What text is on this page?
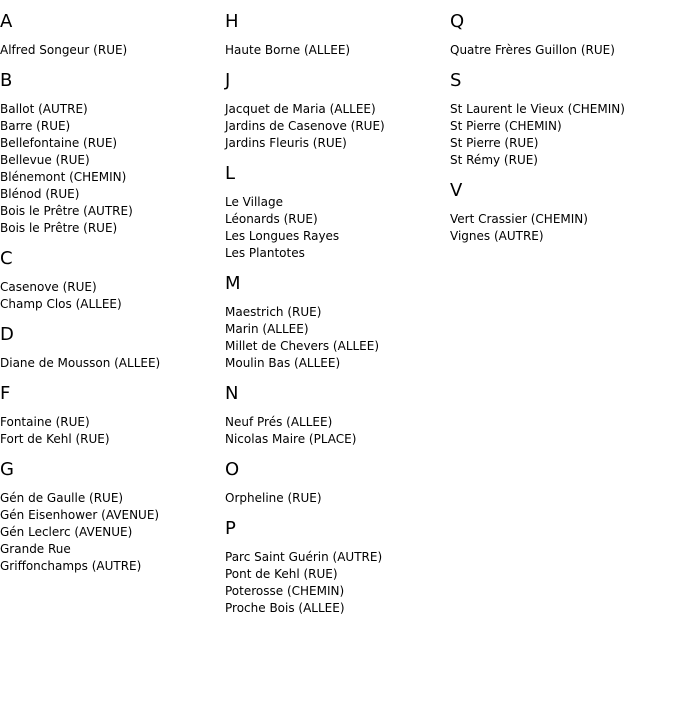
A
Alfred Songeur (RUE)
B
Ballot (AUTRE)
Barre (RUE)
Bellefontaine (RUE)
Bellevue (RUE)
Blénemont (CHEMIN)
Blénod (RUE)
Bois le Prêtre (AUTRE)
Bois le Prêtre (RUE)
C
Casenove (RUE)
Champ Clos (ALLEE)
D
Diane de Mousson (ALLEE)
F
Fontaine (RUE)
Fort de Kehl (RUE)
G
Gén de Gaulle (RUE)
Gén Eisenhower (AVENUE)
Gén Leclerc (AVENUE)
Grande Rue
Griffonchamps (AUTRE)
H
Haute Borne (ALLEE)
J
Jacquet de Maria (ALLEE)
Jardins de Casenove (RUE)
Jardins Fleuris (RUE)
L
Le Village
Léonards (RUE)
Les Longues Rayes
Les Plantotes
M
Maestrich (RUE)
Marin (ALLEE)
Millet de Chevers (ALLEE)
Moulin Bas (ALLEE)
N
Neuf Prés (ALLEE)
Nicolas Maire (PLACE)
O
Orpheline (RUE)
P
Parc Saint Guérin (AUTRE)
Pont de Kehl (RUE)
Poterosse (CHEMIN)
Proche Bois (ALLEE)
Q
Quatre Frères Guillon (RUE)
S
St Laurent le Vieux (CHEMIN)
St Pierre (CHEMIN)
St Pierre (RUE)
St Rémy (RUE)
V
Vert Crassier (CHEMIN)
Vignes (AUTRE)
